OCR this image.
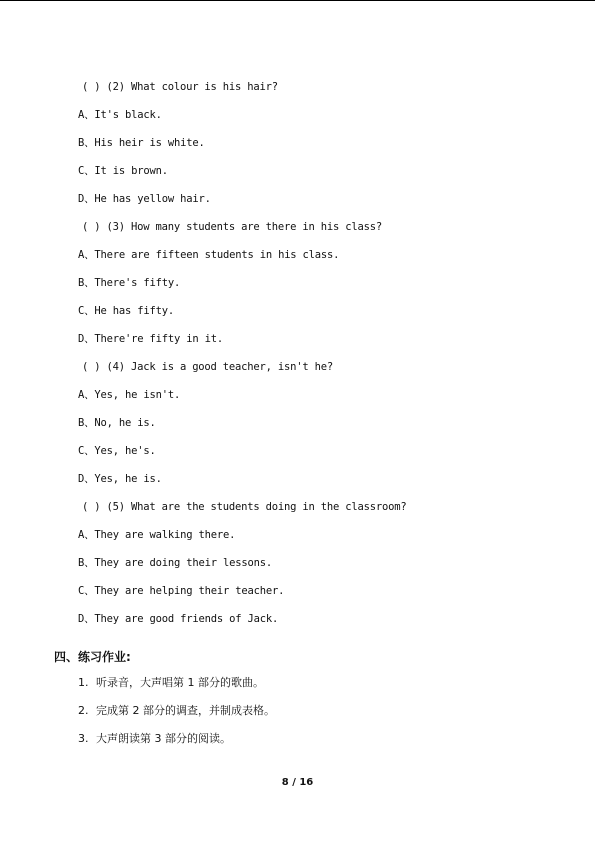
( ) (2) What colour is his hair?
A、It's black.
B、His heir is white.
C、It is brown.
D、He has yellow hair.
( ) (3) How many students are there in his class?
A、There are fifteen students in his class.
B、There's fifty.
C、He has fifty.
D、There're fifty in it.
( ) (4) Jack is a good teacher, isn't he?
A、Yes, he isn't.
B、No, he is.
C、Yes, he's.
D、Yes, he is.
( ) (5) What are the students doing in the classroom?
A、They are walking there.
B、They are doing their lessons.
C、They are helping their teacher.
D、They are good friends of Jack.
四、练习作业:
1. 听录音，大声唱第 1 部分的歌曲。
2. 完成第 2 部分的调查，并制成表格。
3. 大声朗读第 3 部分的阅读。
8 / 16
